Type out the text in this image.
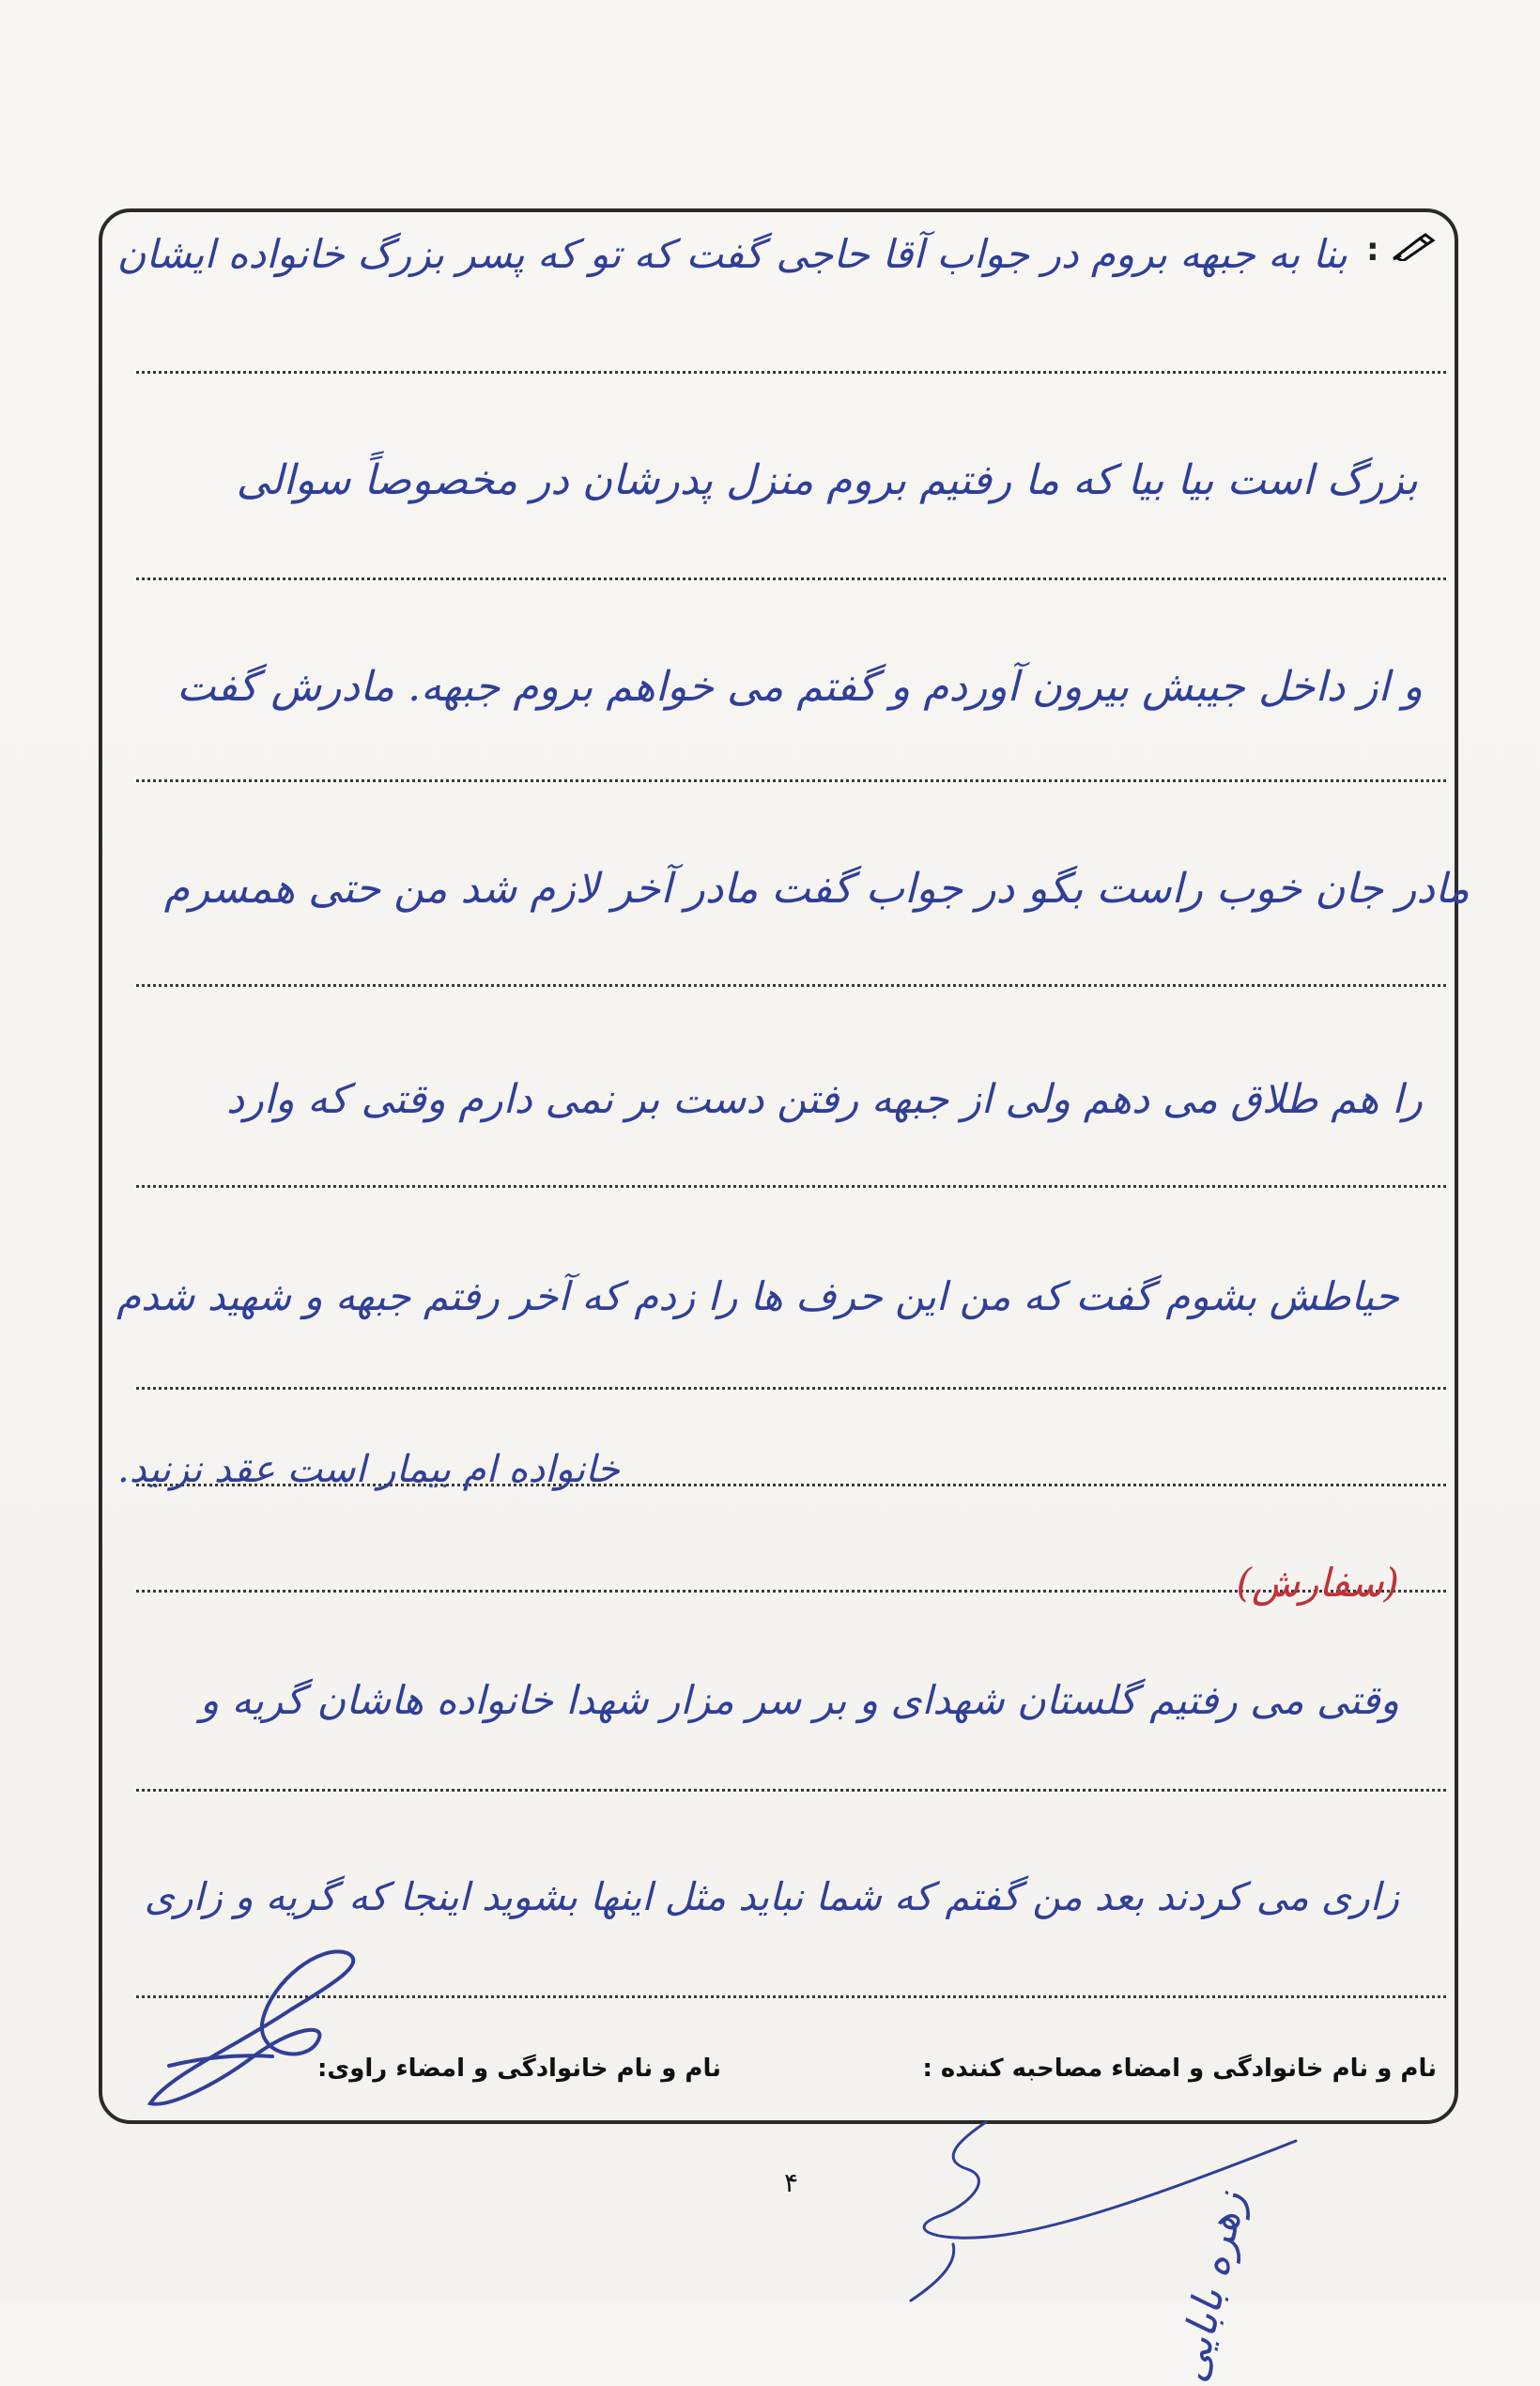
:
بنا به جبهه بروم در جواب آقا حاجی گفت که تو که پسر بزرگ خانواده ایشان
بزرگ است بیا بیا که ما رفتیم بروم منزل پدرشان در مخصوصاً سوالی
و از داخل جیبش بیرون آوردم و گفتم می خواهم بروم جبهه. مادرش گفت
مادر جان خوب راست بگو در جواب گفت مادر آخر لازم شد من حتی همسرم
را هم طلاق می دهم ولی از جبهه رفتن دست بر نمی دارم وقتی که وارد
حیاطش بشوم گفت که من این حرف ها را زدم که آخر رفتم جبهه و شهید شدم
خانواده ام بیمار است عقد نزنید.
(سفارش)
وقتی می رفتیم گلستان شهدای و بر سر مزار شهدا خانواده هاشان گریه و
زاری می کردند بعد من گفتم که شما نباید مثل اینها بشوید اینجا که گریه و زاری
نام و نام خانوادگی و امضاء مصاحبه کننده :
نام و نام خانوادگی و امضاء راوی:
زهره بابایی
۴
